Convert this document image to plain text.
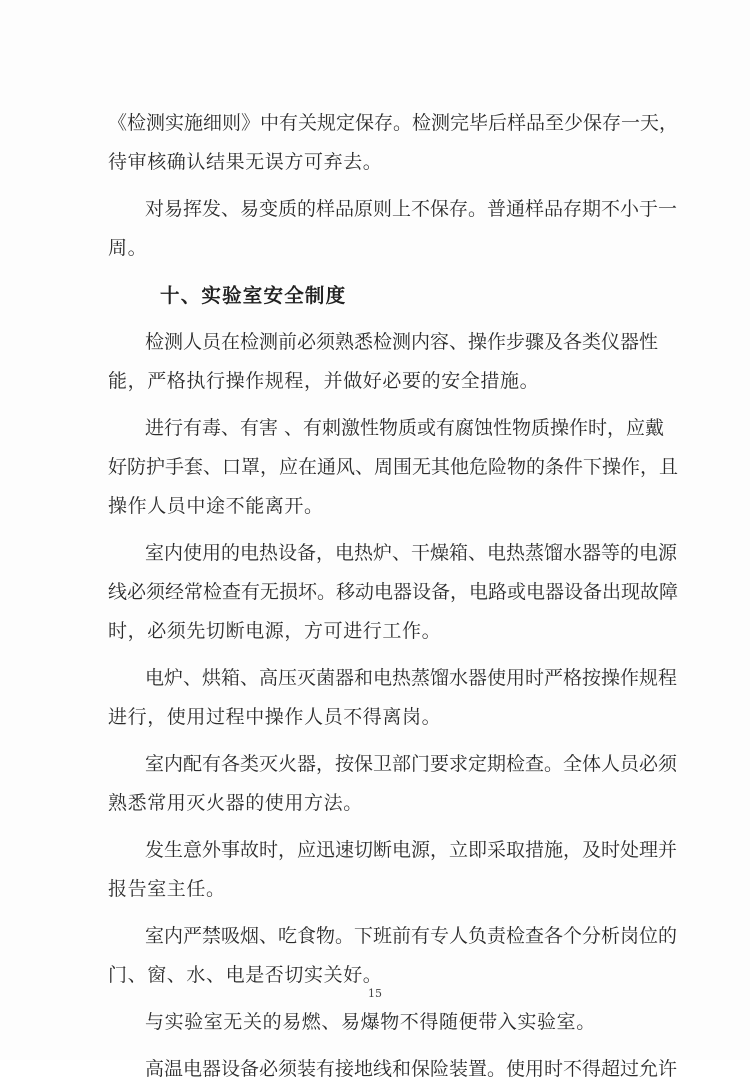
《检测实施细则》中有关规定保存。检测完毕后样品至少保存一天，
待审核确认结果无误方可弃去。
对易挥发、易变质的样品原则上不保存。普通样品存期不小于一
周。
十、实验室安全制度
检测人员在检测前必须熟悉检测内容、操作步骤及各类仪器性
能，严格执行操作规程，并做好必要的安全措施。
进行有毒、有害 、有刺激性物质或有腐蚀性物质操作时，应戴
好防护手套、口罩，应在通风、周围无其他危险物的条件下操作，且
操作人员中途不能离开。
室内使用的电热设备，电热炉、干燥箱、电热蒸馏水器等的电源
线必须经常检查有无损坏。移动电器设备，电路或电器设备出现故障
时，必须先切断电源，方可进行工作。
电炉、烘箱、高压灭菌器和电热蒸馏水器使用时严格按操作规程
进行，使用过程中操作人员不得离岗。
室内配有各类灭火器，按保卫部门要求定期检查。全体人员必须
熟悉常用灭火器的使用方法。
发生意外事故时，应迅速切断电源，立即采取措施，及时处理并
报告室主任。
室内严禁吸烟、吃食物。下班前有专人负责检查各个分析岗位的
门、窗、水、电是否切实关好。
与实验室无关的易燃、易爆物不得随便带入实验室。
高温电器设备必须装有接地线和保险装置。使用时不得超过允许
15
